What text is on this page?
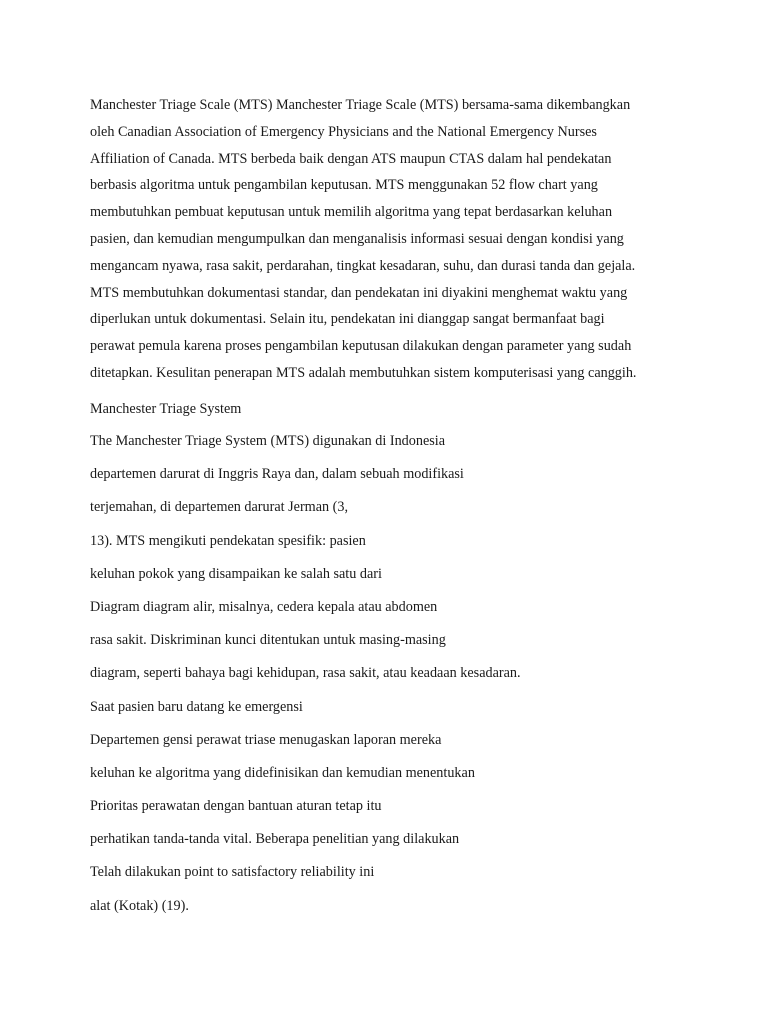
Manchester Triage Scale (MTS) Manchester Triage Scale (MTS) bersama-sama dikembangkan
oleh Canadian Association of Emergency Physicians and the National Emergency Nurses
Affiliation of Canada. MTS berbeda baik dengan ATS maupun CTAS dalam hal pendekatan
berbasis algoritma untuk pengambilan keputusan. MTS menggunakan 52 flow chart yang
membutuhkan pembuat keputusan untuk memilih algoritma yang tepat berdasarkan keluhan
pasien, dan kemudian mengumpulkan dan menganalisis informasi sesuai dengan kondisi yang
mengancam nyawa, rasa sakit, perdarahan, tingkat kesadaran, suhu, dan durasi tanda dan gejala.
MTS membutuhkan dokumentasi standar, dan pendekatan ini diyakini menghemat waktu yang
diperlukan untuk dokumentasi. Selain itu, pendekatan ini dianggap sangat bermanfaat bagi
perawat pemula karena proses pengambilan keputusan dilakukan dengan parameter yang sudah
ditetapkan. Kesulitan penerapan MTS adalah membutuhkan sistem komputerisasi yang canggih.
Manchester Triage System
The Manchester Triage System (MTS) digunakan di Indonesia
departemen darurat di Inggris Raya dan, dalam sebuah modifikasi
terjemahan, di departemen darurat Jerman (3,
13). MTS mengikuti pendekatan spesifik: pasien
keluhan pokok yang disampaikan ke salah satu dari
Diagram diagram alir, misalnya, cedera kepala atau abdomen
rasa sakit. Diskriminan kunci ditentukan untuk masing-masing
diagram, seperti bahaya bagi kehidupan, rasa sakit, atau keadaan kesadaran.
Saat pasien baru datang ke emergensi
Departemen gensi perawat triase menugaskan laporan mereka
keluhan ke algoritma yang didefinisikan dan kemudian menentukan
Prioritas perawatan dengan bantuan aturan tetap itu
perhatikan tanda-tanda vital. Beberapa penelitian yang dilakukan
Telah dilakukan point to satisfactory reliability ini
alat (Kotak) (19).
